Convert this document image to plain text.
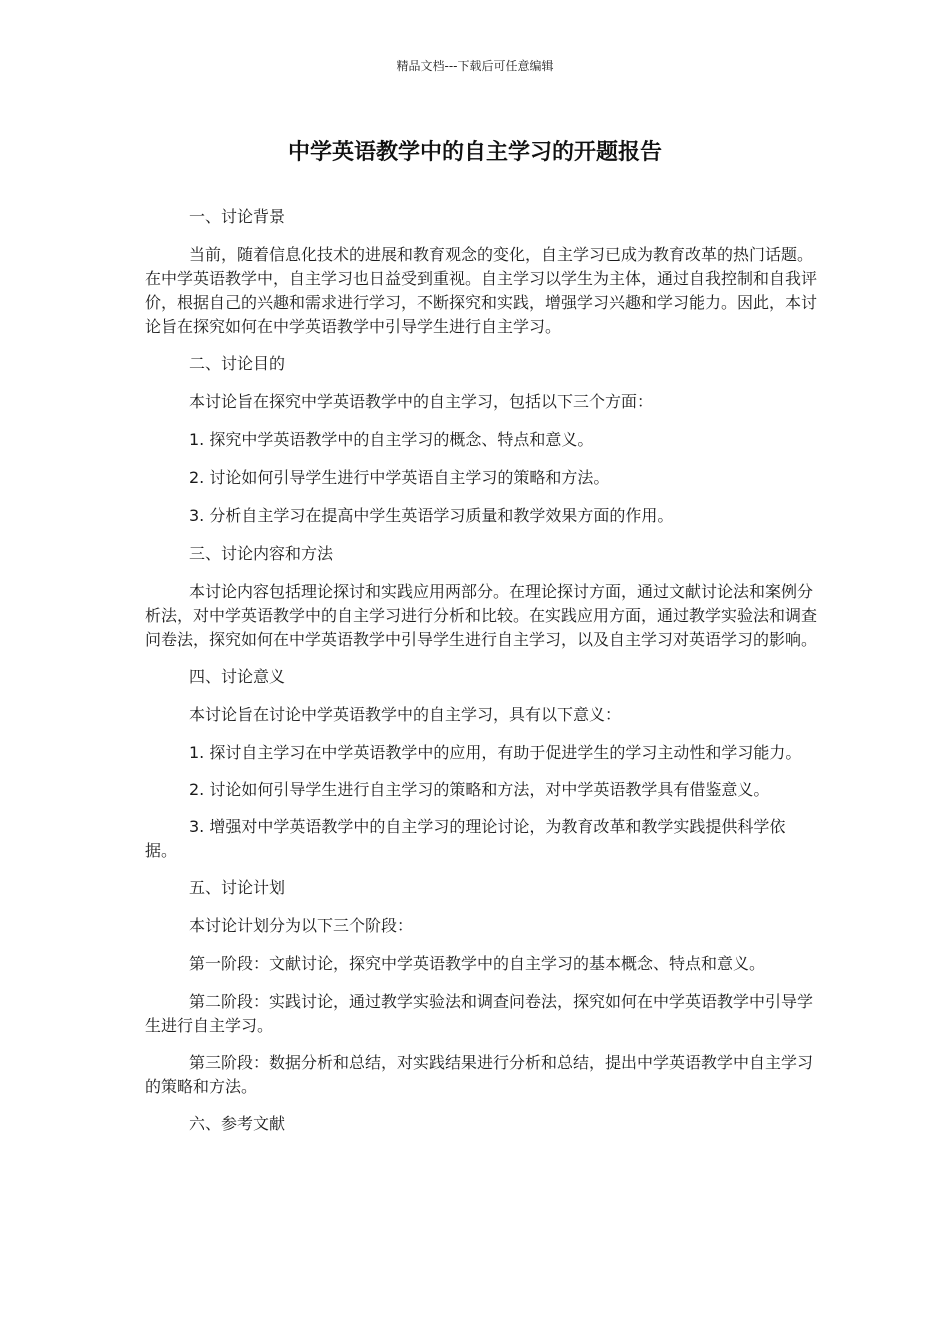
精品文档---下载后可任意编辑
中学英语教学中的自主学习的开题报告

一、讨论背景

当前，随着信息化技术的进展和教育观念的变化，自主学习已成为教育改革的热门话题。在中学英语教学中，自主学习也日益受到重视。自主学习以学生为主体，通过自我控制和自我评价，根据自己的兴趣和需求进行学习，不断探究和实践，增强学习兴趣和学习能力。因此，本讨论旨在探究如何在中学英语教学中引导学生进行自主学习。

二、讨论目的

本讨论旨在探究中学英语教学中的自主学习，包括以下三个方面：

1. 探究中学英语教学中的自主学习的概念、特点和意义。

2. 讨论如何引导学生进行中学英语自主学习的策略和方法。

3. 分析自主学习在提高中学生英语学习质量和教学效果方面的作用。

三、讨论内容和方法

本讨论内容包括理论探讨和实践应用两部分。在理论探讨方面，通过文献讨论法和案例分析法，对中学英语教学中的自主学习进行分析和比较。在实践应用方面，通过教学实验法和调查问卷法，探究如何在中学英语教学中引导学生进行自主学习，以及自主学习对英语学习的影响。

四、讨论意义

本讨论旨在讨论中学英语教学中的自主学习，具有以下意义：

1. 探讨自主学习在中学英语教学中的应用，有助于促进学生的学习主动性和学习能力。

2. 讨论如何引导学生进行自主学习的策略和方法，对中学英语教学具有借鉴意义。

3. 增强对中学英语教学中的自主学习的理论讨论，为教育改革和教学实践提供科学依据。

五、讨论计划

本讨论计划分为以下三个阶段：

第一阶段：文献讨论，探究中学英语教学中的自主学习的基本概念、特点和意义。

第二阶段：实践讨论，通过教学实验法和调查问卷法，探究如何在中学英语教学中引导学生进行自主学习。

第三阶段：数据分析和总结，对实践结果进行分析和总结，提出中学英语教学中自主学习的策略和方法。

六、参考文献
